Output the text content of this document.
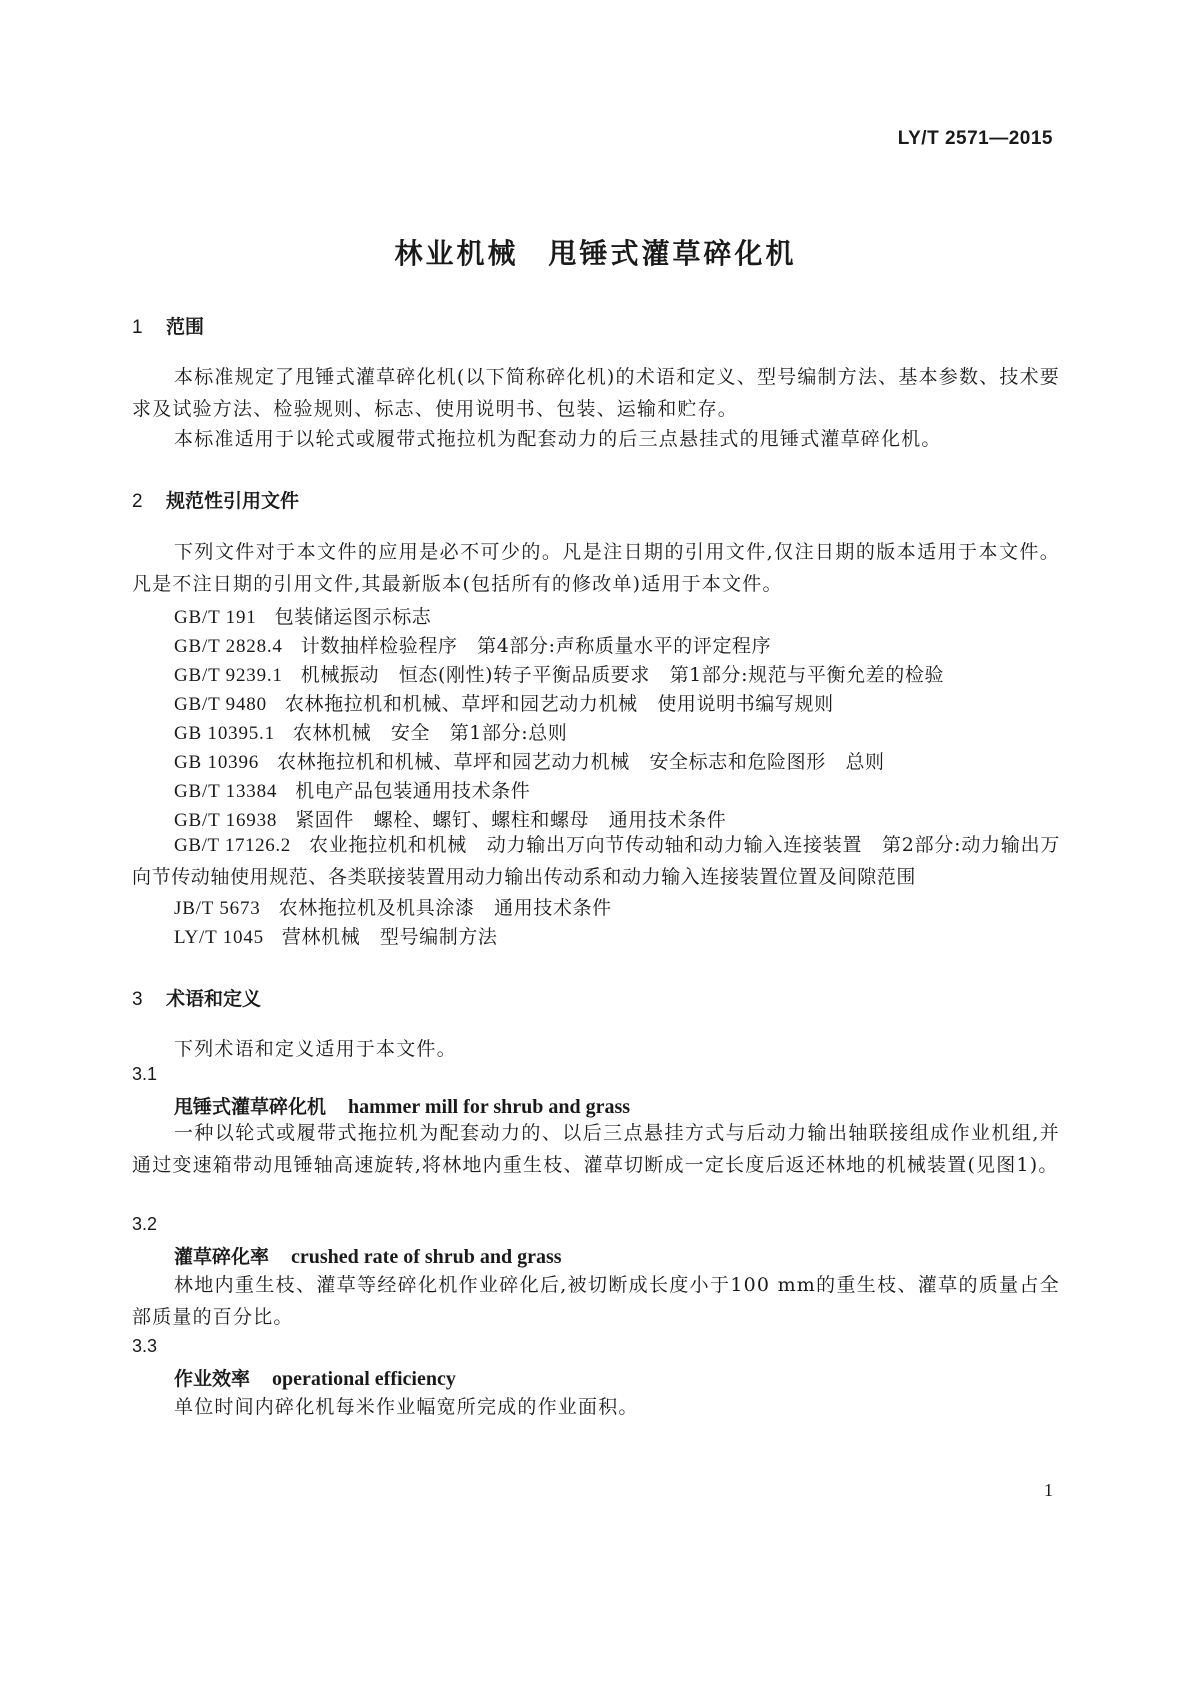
LY/T 2571—2015
林业机械 甩锤式灌草碎化机
1 范围
本标准规定了甩锤式灌草碎化机(以下简称碎化机)的术语和定义、型号编制方法、基本参数、技术要求及试验方法、检验规则、标志、使用说明书、包装、运输和贮存。
本标准适用于以轮式或履带式拖拉机为配套动力的后三点悬挂式的甩锤式灌草碎化机。
2 规范性引用文件
下列文件对于本文件的应用是必不可少的。凡是注日期的引用文件,仅注日期的版本适用于本文件。凡是不注日期的引用文件,其最新版本(包括所有的修改单)适用于本文件。
GB/T 191 包装储运图示标志
GB/T 2828.4 计数抽样检验程序　第4部分:声称质量水平的评定程序
GB/T 9239.1 机械振动　恒态(刚性)转子平衡品质要求　第1部分:规范与平衡允差的检验
GB/T 9480 农林拖拉机和机械、草坪和园艺动力机械　使用说明书编写规则
GB 10395.1 农林机械　安全　第1部分:总则
GB 10396 农林拖拉机和机械、草坪和园艺动力机械　安全标志和危险图形　总则
GB/T 13384 机电产品包装通用技术条件
GB/T 16938 紧固件　螺栓、螺钉、螺柱和螺母　通用技术条件
GB/T 17126.2 农业拖拉机和机械　动力输出万向节传动轴和动力输入连接装置　第2部分:动力输出万向节传动轴使用规范、各类联接装置用动力输出传动系和动力输入连接装置位置及间隙范围
JB/T 5673 农林拖拉机及机具涂漆　通用技术条件
LY/T 1045 营林机械　型号编制方法
3 术语和定义
下列术语和定义适用于本文件。
3.1
甩锤式灌草碎化机 hammer mill for shrub and grass
一种以轮式或履带式拖拉机为配套动力的、以后三点悬挂方式与后动力输出轴联接组成作业机组,并通过变速箱带动甩锤轴高速旋转,将林地内重生枝、灌草切断成一定长度后返还林地的机械装置(见图1)。
3.2
灌草碎化率 crushed rate of shrub and grass
林地内重生枝、灌草等经碎化机作业碎化后,被切断成长度小于100 mm的重生枝、灌草的质量占全部质量的百分比。
3.3
作业效率 operational efficiency
单位时间内碎化机每米作业幅宽所完成的作业面积。
1
